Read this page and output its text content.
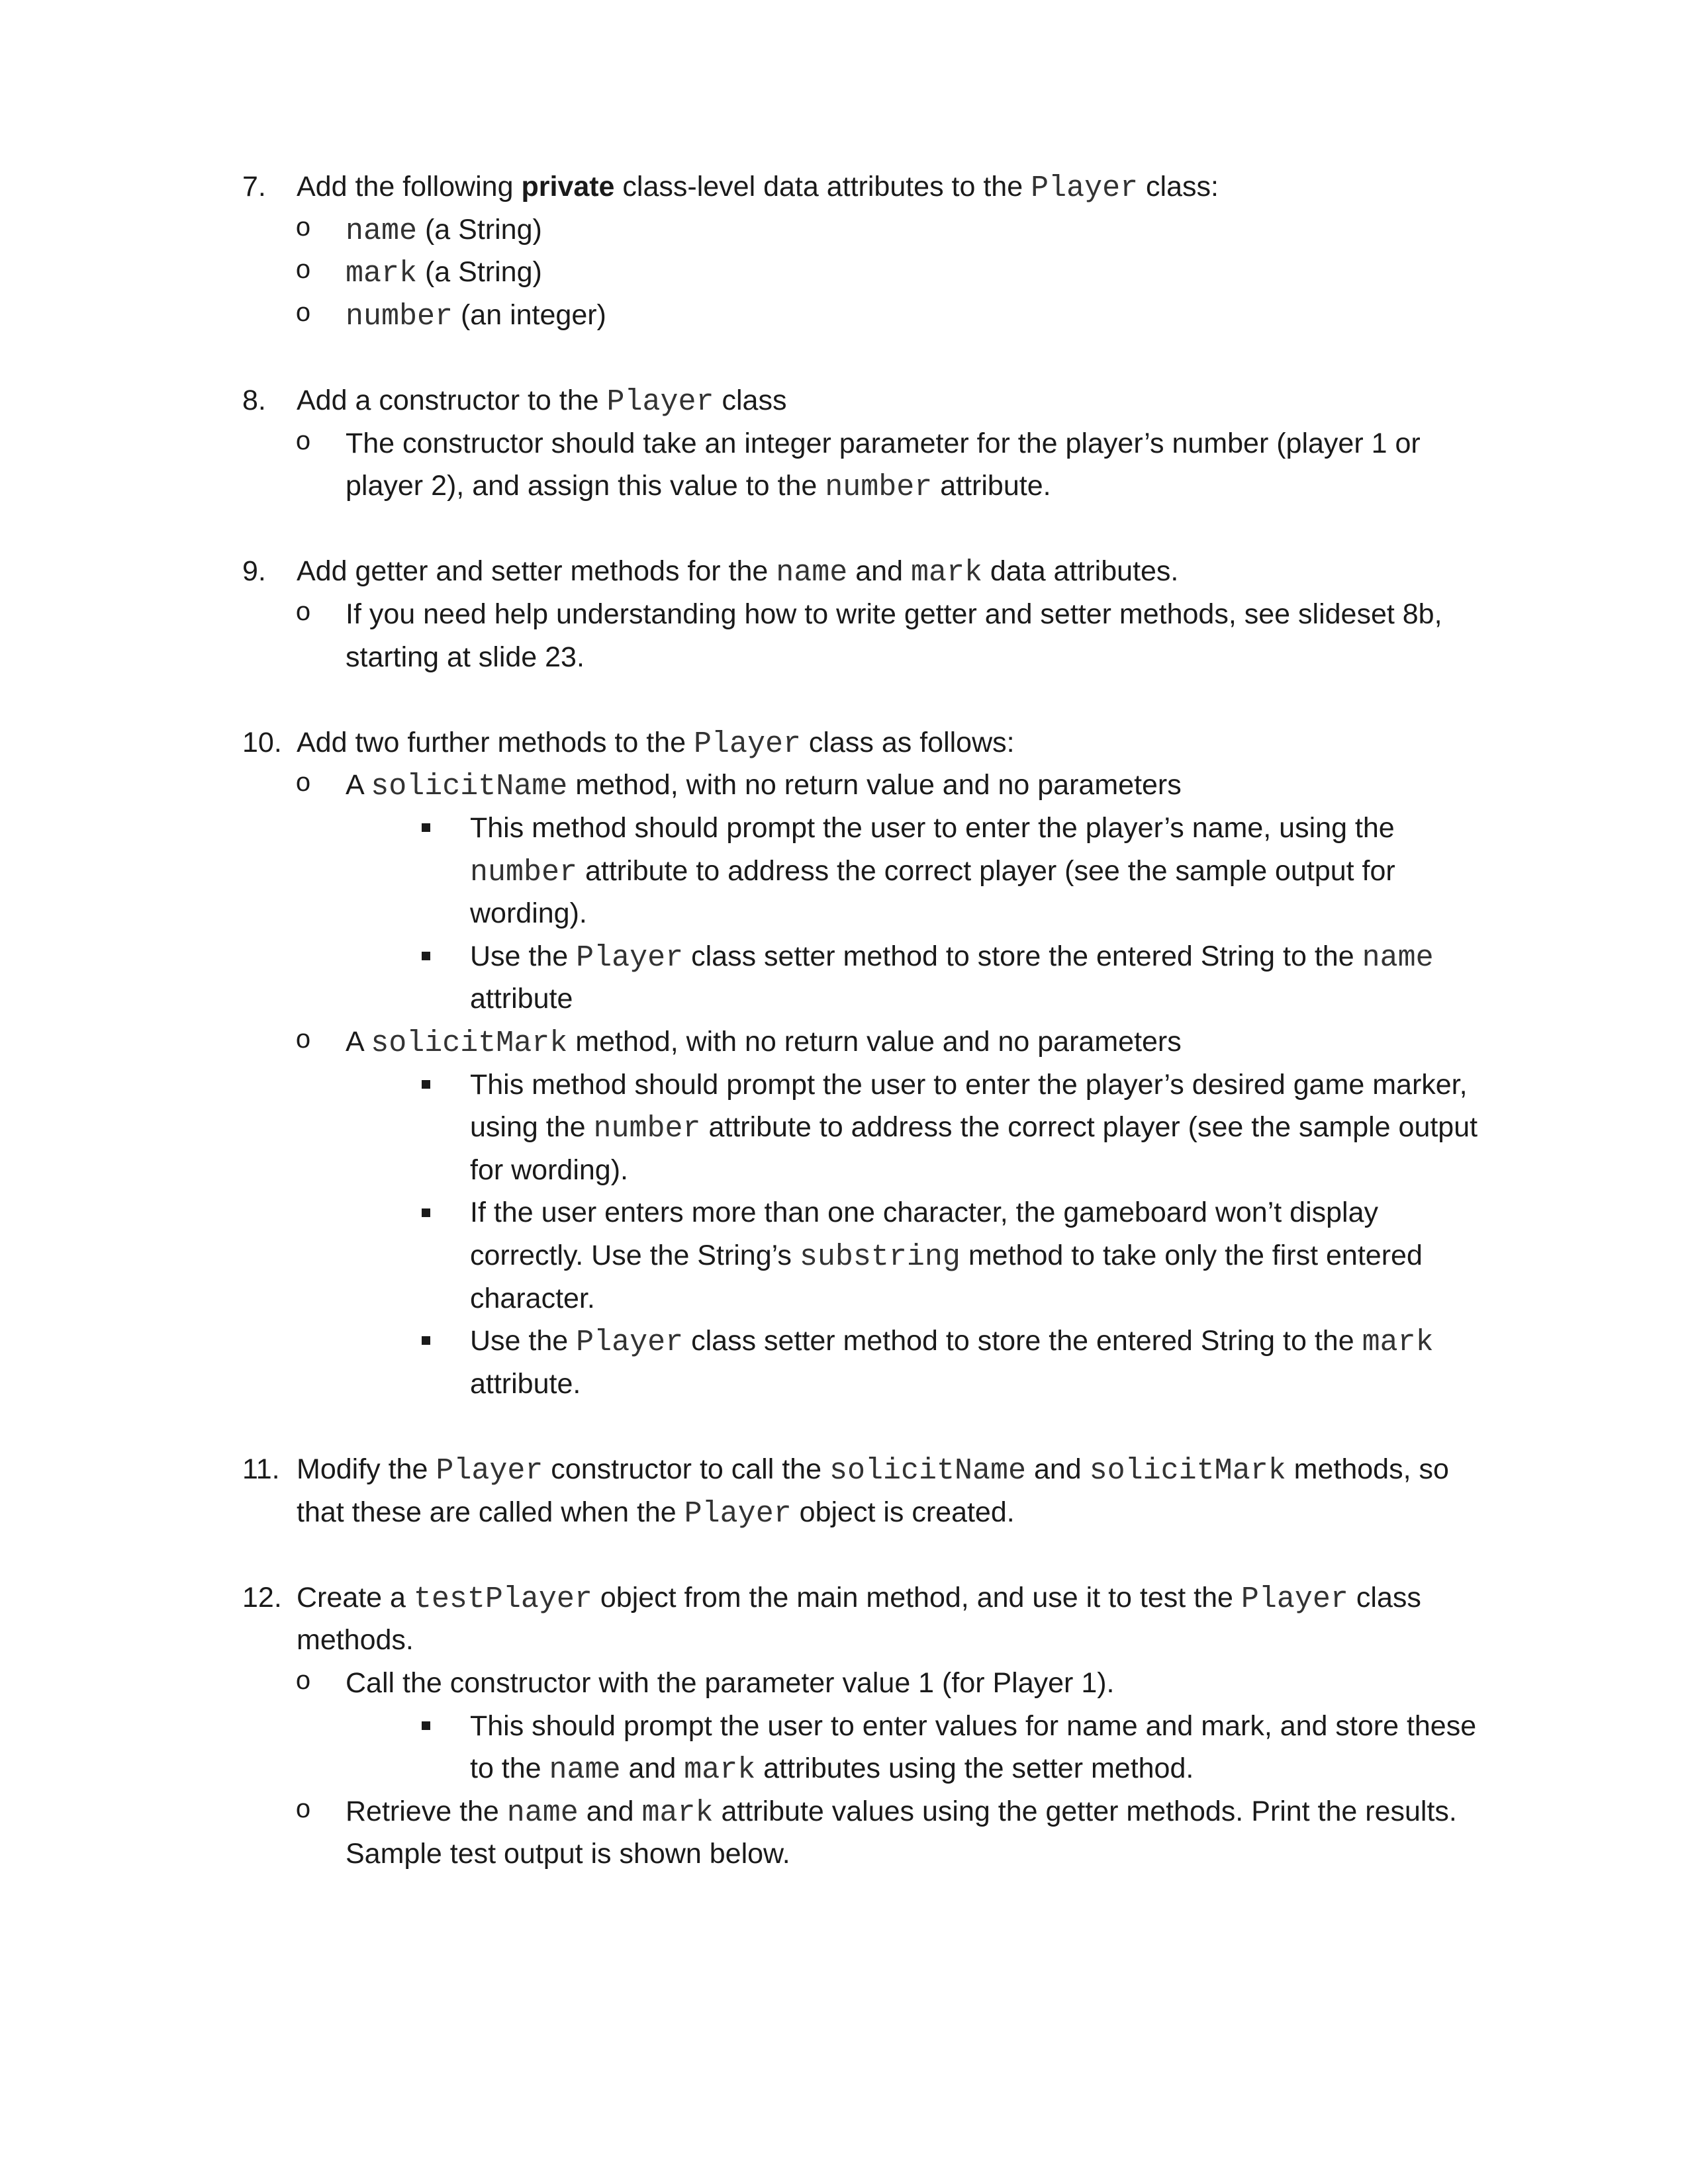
7.	Add the following private class-level data attributes to the Player class:
o name (a String)
o mark (a String)
o number (an integer)
8.	Add a constructor to the Player class
o The constructor should take an integer parameter for the player’s number (player 1 or
player 2), and assign this value to the number attribute.
9.	Add getter and setter methods for the name and mark data attributes.
o If you need help understanding how to write getter and setter methods, see slideset 8b,
starting at slide 23.
10. Add two further methods to the Player class as follows:
o A solicitName method, with no return value and no parameters
This method should prompt the user to enter the player’s name, using the
number attribute to address the correct player (see the sample output for
wording).
Use the Player class setter method to store the entered String to the name
attribute
o A solicitMark method, with no return value and no parameters
This method should prompt the user to enter the player’s desired game marker,
using the number attribute to address the correct player (see the sample output
for wording).
If the user enters more than one character, the gameboard won’t display
correctly. Use the String’s substring method to take only the first entered
character.
Use the Player class setter method to store the entered String to the mark
attribute.
11. Modify the Player constructor to call the solicitName and solicitMark methods, so
that these are called when the Player object is created.
12. Create a testPlayer object from the main method, and use it to test the Player class
methods.
o Call the constructor with the parameter value 1 (for Player 1).
This should prompt the user to enter values for name and mark, and store these
to the name and mark attributes using the setter method.
o Retrieve the name and mark attribute values using the getter methods. Print the results.
Sample test output is shown below.
